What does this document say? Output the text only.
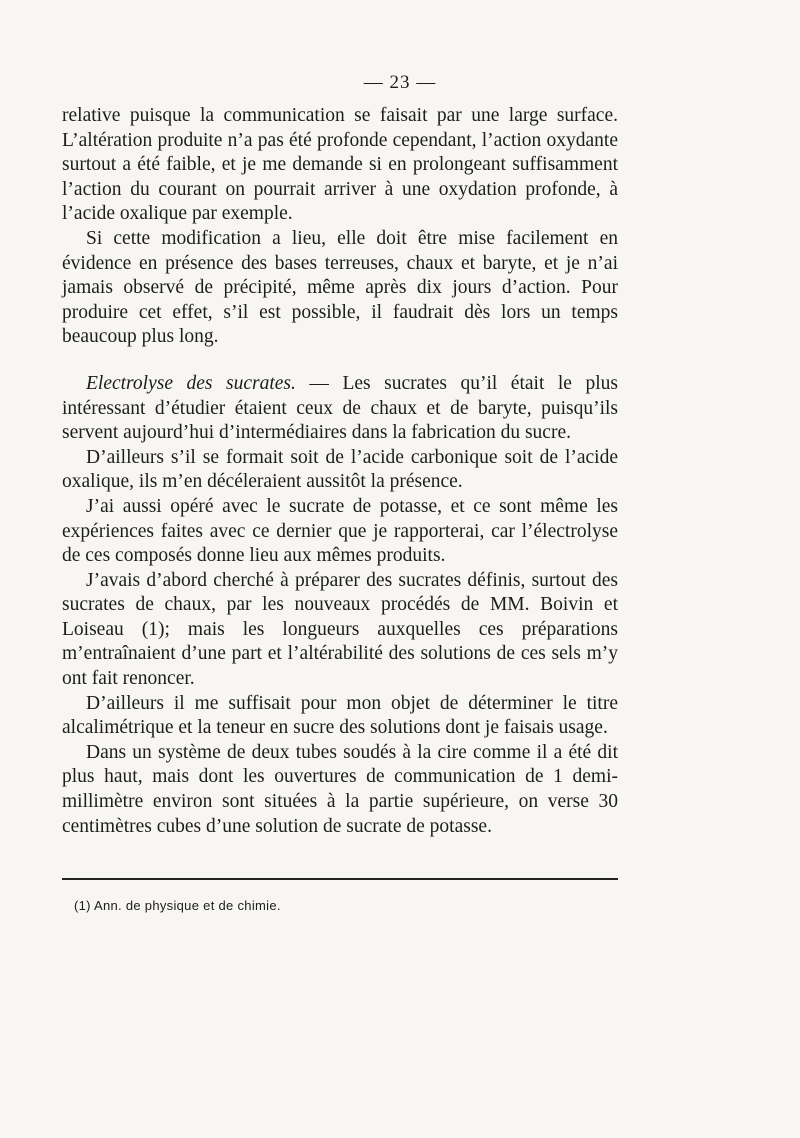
— 23 —

relative puisque la communication se faisait par une large surface. L’altération produite n’a pas été profonde cependant, l’action oxydante surtout a été faible, et je me demande si en prolongeant suffisamment l’action du courant on pourrait arriver à une oxydation profonde, à l’acide oxalique par exemple.

Si cette modification a lieu, elle doit être mise facilement en évidence en présence des bases terreuses, chaux et baryte, et je n’ai jamais observé de précipité, même après dix jours d’action. Pour produire cet effet, s’il est possible, il faudrait dès lors un temps beaucoup plus long.

Electrolyse des sucrates. — Les sucrates qu’il était le plus intéressant d’étudier étaient ceux de chaux et de baryte, puisqu’ils servent aujourd’hui d’intermédiaires dans la fabrication du sucre.

D’ailleurs s’il se formait soit de l’acide carbonique soit de l’acide oxalique, ils m’en décéleraient aussitôt la présence.

J’ai aussi opéré avec le sucrate de potasse, et ce sont même les expériences faites avec ce dernier que je rapporterai, car l’électrolyse de ces composés donne lieu aux mêmes produits.

J’avais d’abord cherché à préparer des sucrates définis, surtout des sucrates de chaux, par les nouveaux procédés de MM. Boivin et Loiseau (1); mais les longueurs auxquelles ces préparations m’entraînaient d’une part et l’altérabilité des solutions de ces sels m’y ont fait renoncer.

D’ailleurs il me suffisait pour mon objet de déterminer le titre alcalimétrique et la teneur en sucre des solutions dont je faisais usage.

Dans un système de deux tubes soudés à la cire comme il a été dit plus haut, mais dont les ouvertures de communication de 1 demi-millimètre environ sont situées à la partie supérieure, on verse 30 centimètres cubes d’une solution de sucrate de potasse.

(1) Ann. de physique et de chimie.
